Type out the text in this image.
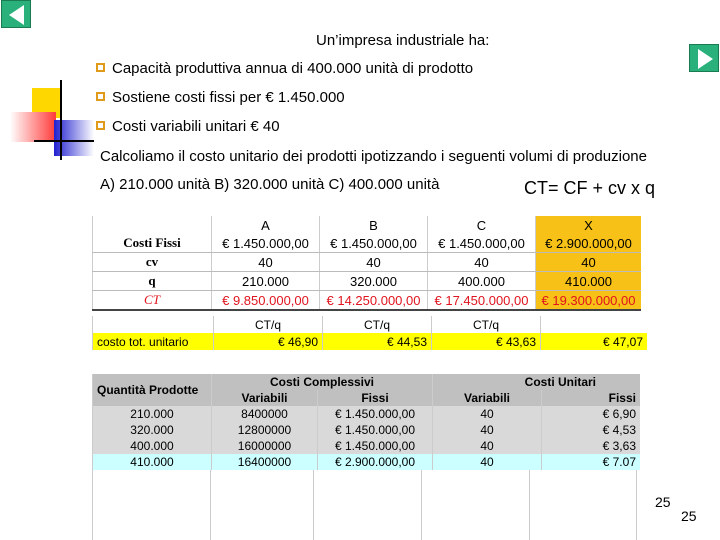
Un’impresa industriale ha:
Capacità produttiva annua di 400.000 unità di prodotto
Sostiene costi fissi per € 1.450.000
Costi variabili unitari € 40
Calcoliamo il costo unitario dei prodotti ipotizzando i seguenti volumi di produzione
A) 210.000 unità B) 320.000 unità C) 400.000 unità	CT= CF + cv x q
	A	B	C	X
Costi Fissi	€ 1.450.000,00	€ 1.450.000,00	€ 1.450.000,00	€ 2.900.000,00
cv	40	40	40	40
q	210.000	320.000	400.000	410.000
CT	€ 9.850.000,00	€ 14.250.000,00	€ 17.450.000,00	€ 19.300.000,00
	CT/q	CT/q	CT/q	
costo tot. unitario	€ 46,90	€ 44,53	€ 43,63	€ 47,07
Quantità Prodotte	Costi Complessivi		Costi Unitari	
	Variabili	Fissi	Variabili	Fissi
210.000	8400000	€ 1.450.000,00	40	€ 6,90
320.000	12800000	€ 1.450.000,00	40	€ 4,53
400.000	16000000	€ 1.450.000,00	40	€ 3,63
410.000	16400000	€ 2.900.000,00	40	€ 7.07
25
25
